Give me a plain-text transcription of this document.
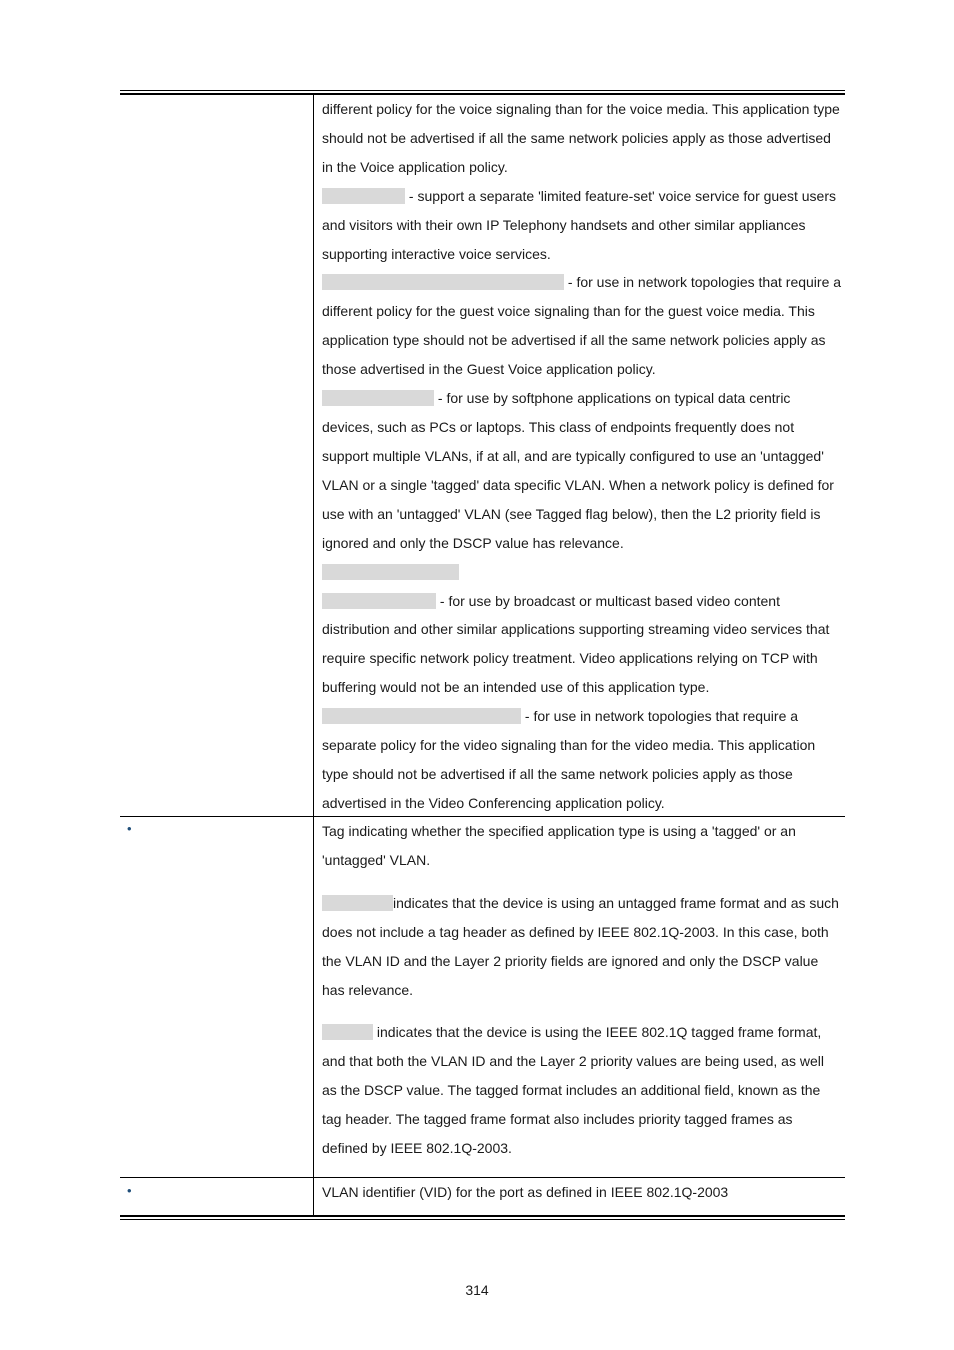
different policy for the voice signaling than for the voice media. This application type should not be advertised if all the same network policies apply as those advertised in the Voice application policy.

- support a separate 'limited feature-set' voice service for guest users and visitors with their own IP Telephony handsets and other similar appliances supporting interactive voice services.

- for use in network topologies that require a different policy for the guest voice signaling than for the guest voice media. This application type should not be advertised if all the same network policies apply as those advertised in the Guest Voice application policy.

- for use by softphone applications on typical data centric devices, such as PCs or laptops. This class of endpoints frequently does not support multiple VLANs, if at all, and are typically configured to use an 'untagged' VLAN or a single 'tagged' data specific VLAN. When a network policy is defined for use with an 'untagged' VLAN (see Tagged flag below), then the L2 priority field is ignored and only the DSCP value has relevance.

- for use by broadcast or multicast based video content distribution and other similar applications supporting streaming video services that require specific network policy treatment. Video applications relying on TCP with buffering would not be an intended use of this application type.

- for use in network topologies that require a separate policy for the video signaling than for the video media. This application type should not be advertised if all the same network policies apply as those advertised in the Video Conferencing application policy.

•	Tag indicating whether the specified application type is using a 'tagged' or an 'untagged' VLAN.

indicates that the device is using an untagged frame format and as such does not include a tag header as defined by IEEE 802.1Q-2003. In this case, both the VLAN ID and the Layer 2 priority fields are ignored and only the DSCP value has relevance.

indicates that the device is using the IEEE 802.1Q tagged frame format, and that both the VLAN ID and the Layer 2 priority values are being used, as well as the DSCP value. The tagged format includes an additional field, known as the tag header. The tagged frame format also includes priority tagged frames as defined by IEEE 802.1Q-2003.

•	VLAN identifier (VID) for the port as defined in IEEE 802.1Q-2003

314
